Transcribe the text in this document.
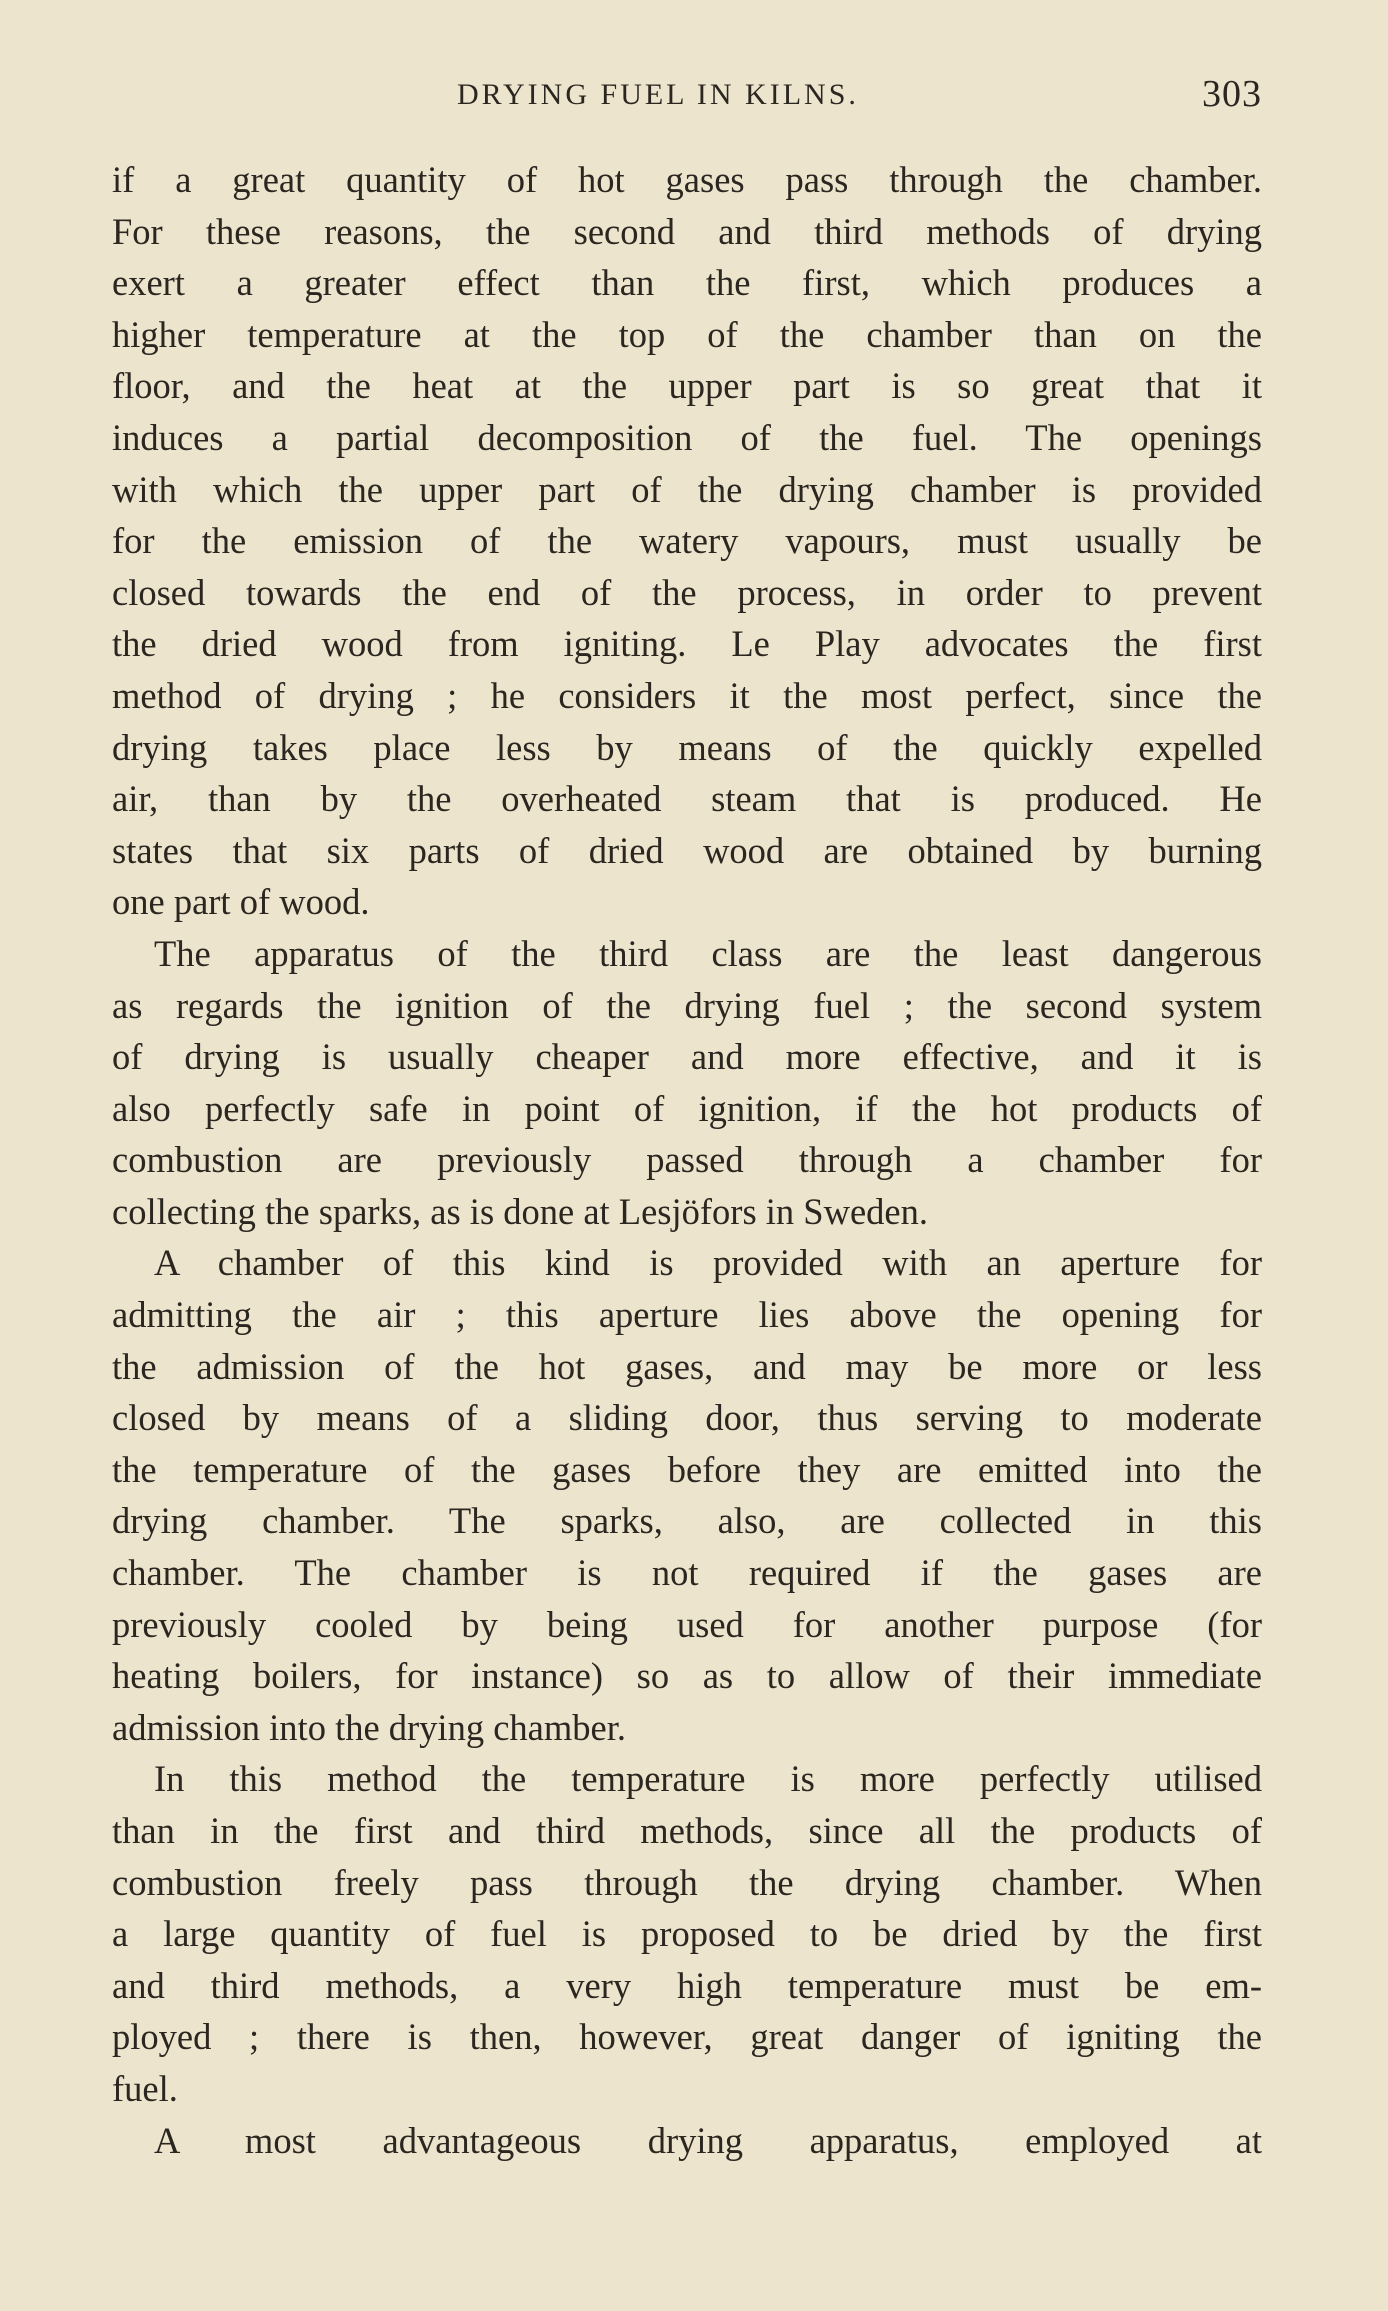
DRYING FUEL IN KILNS.	303
if a great quantity of hot gases pass through the chamber.
For these reasons, the second and third methods of drying
exert a greater effect than the first, which produces a
higher temperature at the top of the chamber than on the
floor, and the heat at the upper part is so great that it
induces a partial decomposition of the fuel. The openings
with which the upper part of the drying chamber is provided
for the emission of the watery vapours, must usually be
closed towards the end of the process, in order to prevent
the dried wood from igniting. Le Play advocates the first
method of drying ; he considers it the most perfect, since the
drying takes place less by means of the quickly expelled
air, than by the overheated steam that is produced. He
states that six parts of dried wood are obtained by burning
one part of wood.
The apparatus of the third class are the least dangerous
as regards the ignition of the drying fuel ; the second system
of drying is usually cheaper and more effective, and it is
also perfectly safe in point of ignition, if the hot products of
combustion are previously passed through a chamber for
collecting the sparks, as is done at Lesjöfors in Sweden.
A chamber of this kind is provided with an aperture for
admitting the air ; this aperture lies above the opening for
the admission of the hot gases, and may be more or less
closed by means of a sliding door, thus serving to moderate
the temperature of the gases before they are emitted into the
drying chamber. The sparks, also, are collected in this
chamber. The chamber is not required if the gases are
previously cooled by being used for another purpose (for
heating boilers, for instance) so as to allow of their immediate
admission into the drying chamber.
In this method the temperature is more perfectly utilised
than in the first and third methods, since all the products of
combustion freely pass through the drying chamber. When
a large quantity of fuel is proposed to be dried by the first
and third methods, a very high temperature must be em-
ployed ; there is then, however, great danger of igniting the
fuel.
A most advantageous drying apparatus, employed at
